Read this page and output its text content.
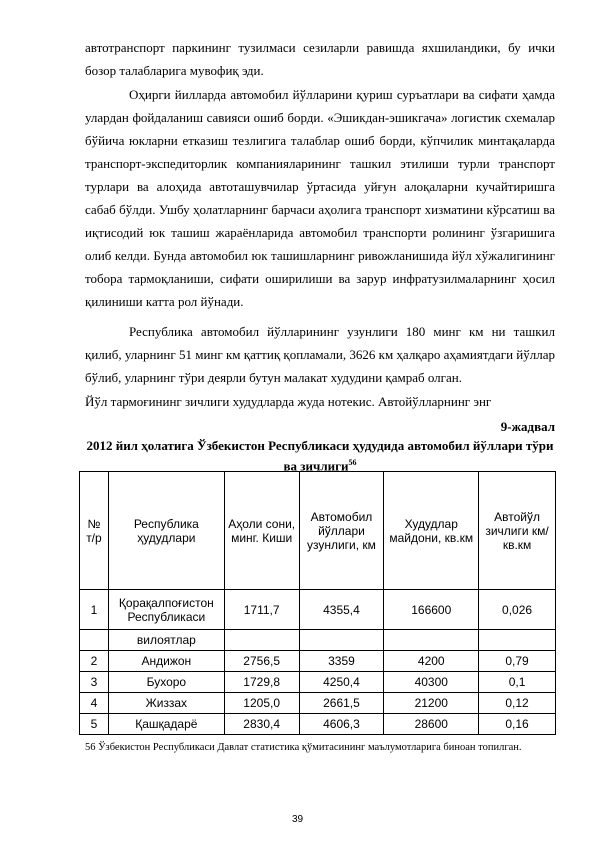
автотранспорт паркининг тузилмаси сезиларли равишда яхшиландики, бу ички бозор талабларига мувофиқ эди.
Оҳирги йилларда автомобил йўлларини қуриш суръатлари ва сифати ҳамда улардан фойдаланиш савияси ошиб борди. «Эшикдан-эшикгача» логистик схемалар бўйича юкларни етказиш тезлигига талаблар ошиб борди, кўпчилик минтақаларда транспорт-экспедиторлик компанияларининг ташкил этилиши турли транспорт турлари ва алоҳида автоташувчилар ўртасида уйғун алоқаларни кучайтиришга сабаб бўлди. Ушбу ҳолатларнинг барчаси аҳолига транспорт хизматини кўрсатиш ва иқтисодий юк ташиш жараёнларида автомобил транспорти ролининг ўзгаришига олиб келди. Бунда автомобил юк ташишларнинг ривожланишида йўл хўжалигининг тобора тармоқланиши, сифати оширилиши ва зарур инфратузилмаларнинг ҳосил қилиниши катта рол йўнади.
Республика автомобил йўлларининг узунлиги 180 минг км ни ташкил қилиб, уларнинг 51 минг км қаттиқ қопламали, 3626 км ҳалқаро аҳамиятдаги йўллар бўлиб, уларнинг тўри деярли бутун малакат худудини қамраб олган.
Йўл тармоғининг зичлиги худудларда жуда нотекис. Автойўлларнинг энг
9-жадвал
2012 йил ҳолатига Ўзбекистон Республикаси ҳудудида автомобил йўллари тўри ва зичлиги$^{56}$
№ т/р	Республика ҳудудлари	Аҳоли сони, минг. Киши	Автомобил йўллари узунлиги, км	Худудлар майдони, кв.км	Автойўл зичлиги км/кв.км
1	Қорақалпоғистон Республикаси	1711,7	4355,4	166600	0,026
	вилоятлар				
2	Андижон	2756,5	3359	4200	0,79
3	Бухоро	1729,8	4250,4	40300	0,1
4	Жиззах	1205,0	2661,5	21200	0,12
5	Қашқадарё	2830,4	4606,3	28600	0,16
56 Ўзбекистон Республикаси Давлат статистика қўмитасининг маълумотларига биноан топилган.
39
